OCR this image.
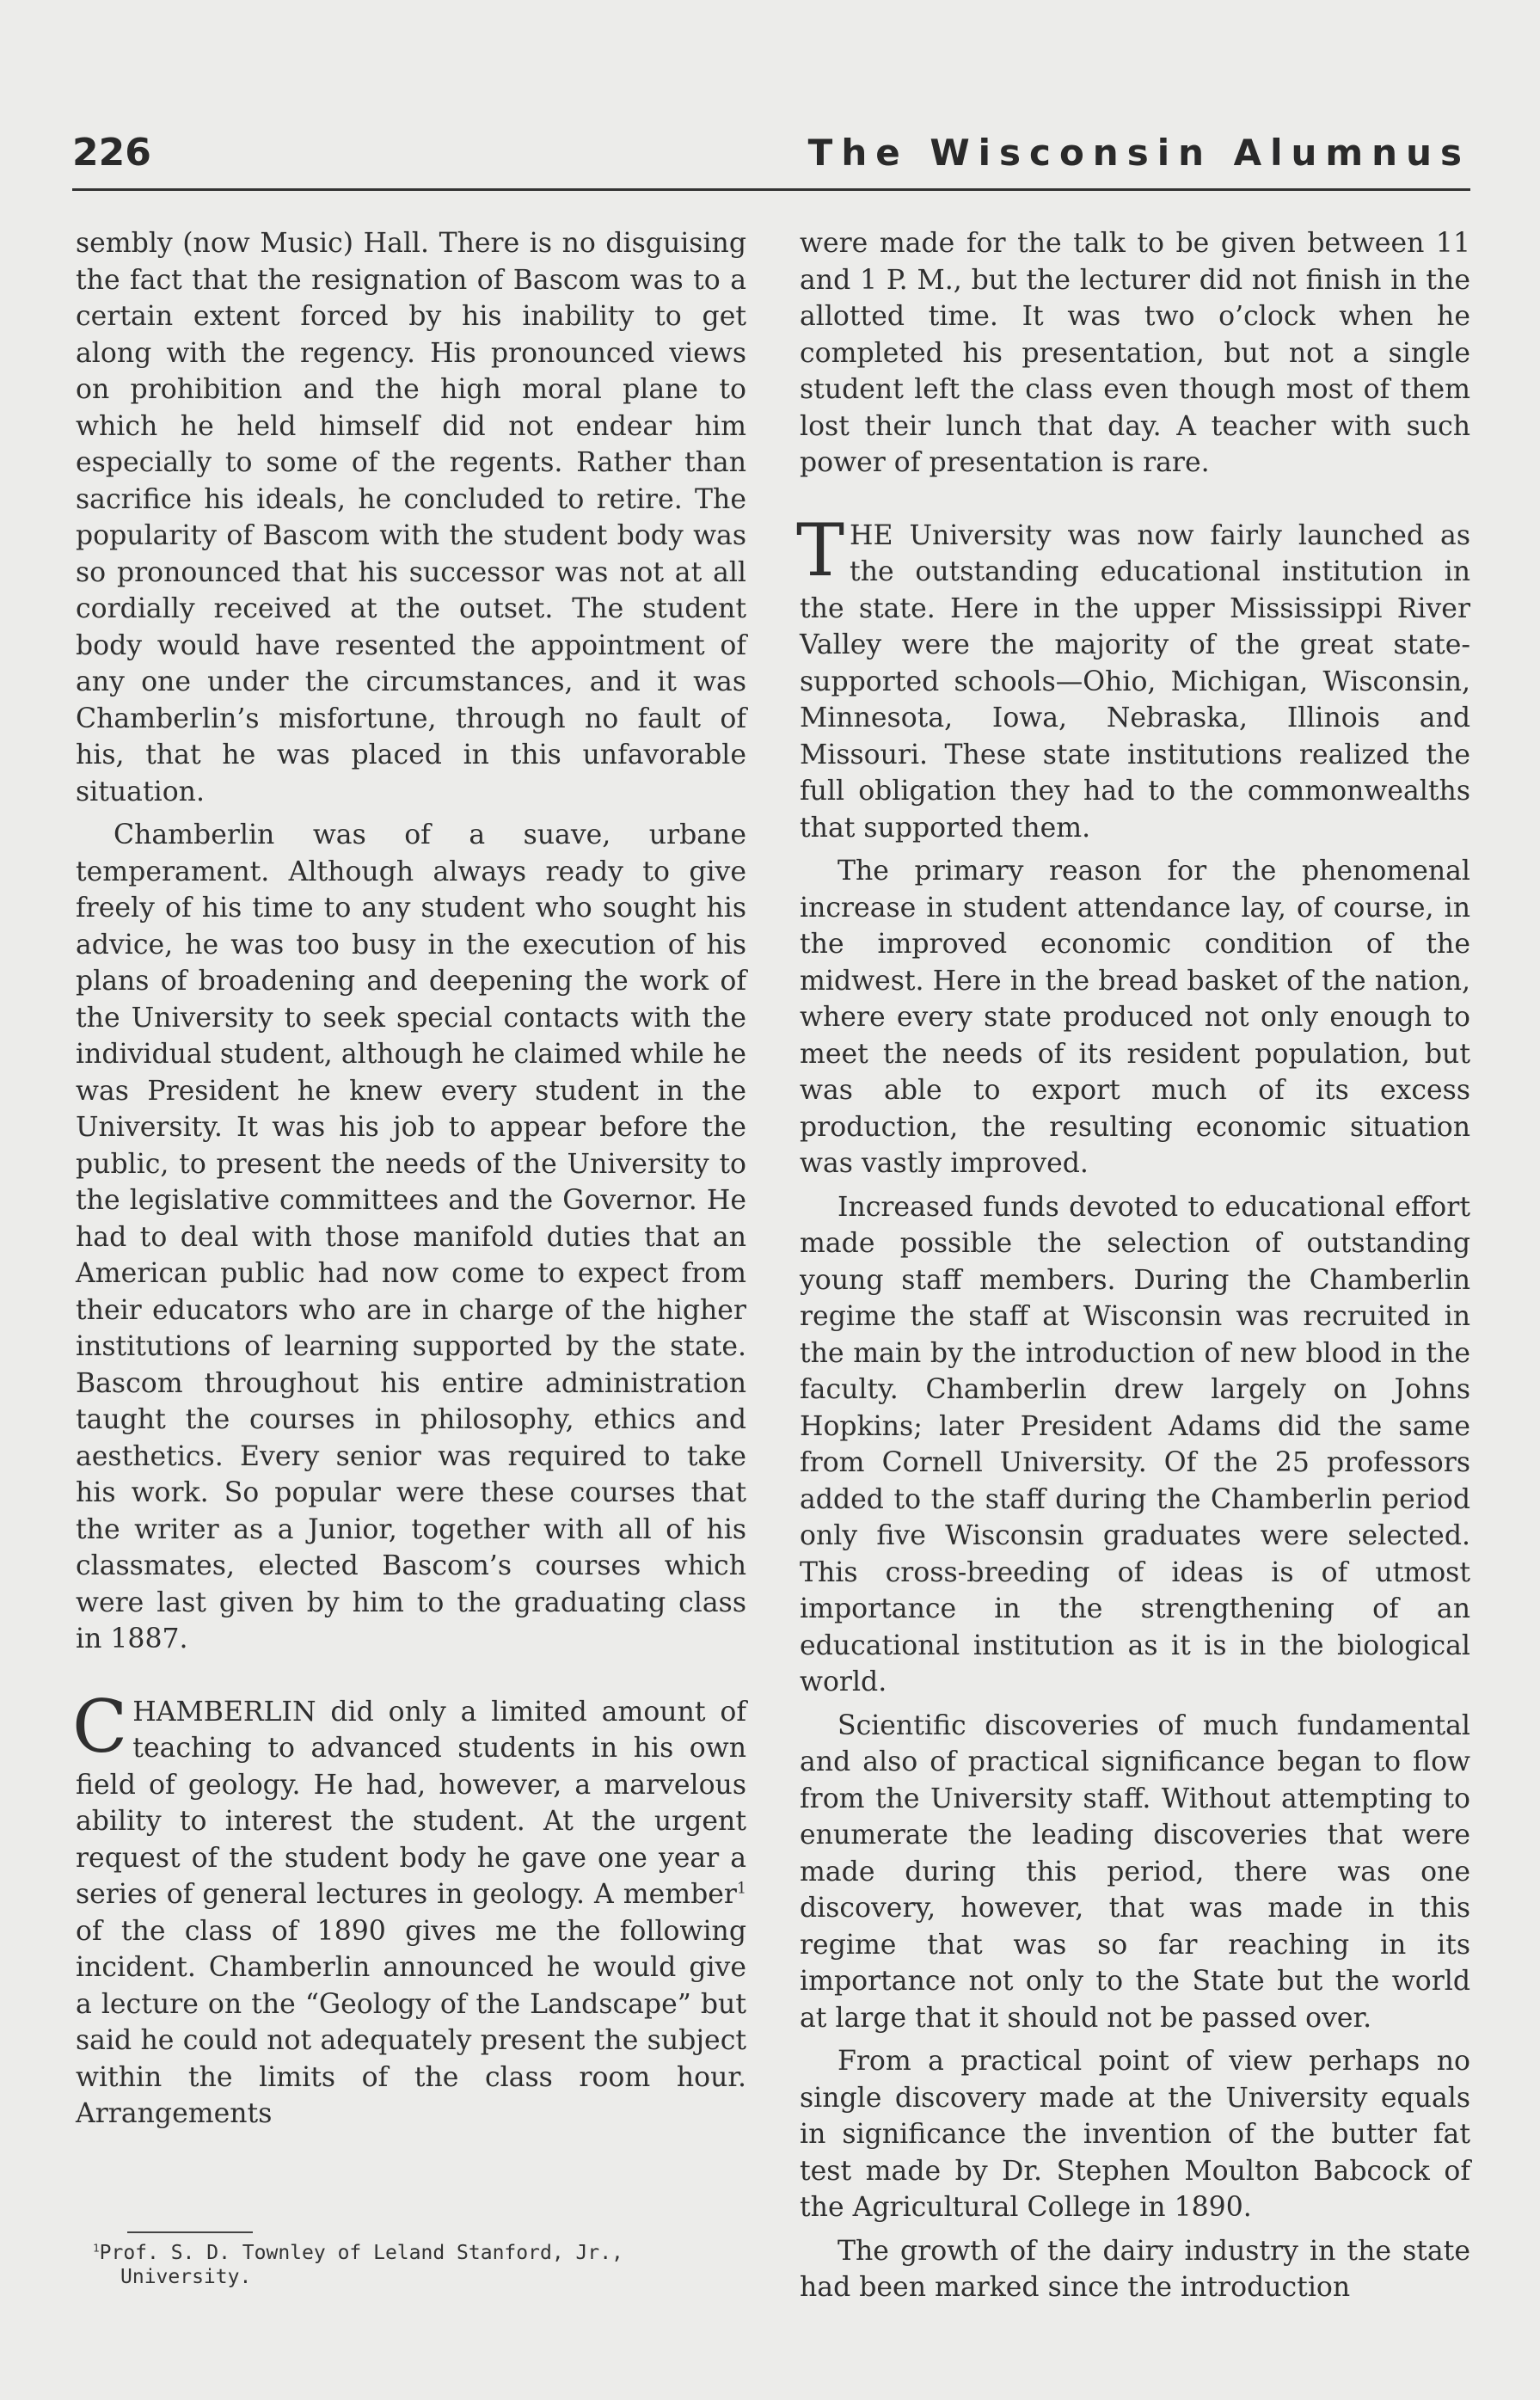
226	The Wisconsin Alumnus

sembly (now Music) Hall. There is no disguising the fact that the resignation of Bascom was to a certain extent forced by his inability to get along with the regency. His pronounced views on prohibition and the high moral plane to which he held himself did not endear him especially to some of the regents. Rather than sacrifice his ideals, he concluded to retire. The popularity of Bascom with the student body was so pronounced that his successor was not at all cordially received at the outset. The student body would have resented the appointment of any one under the circumstances, and it was Chamberlin’s misfortune, through no fault of his, that he was placed in this unfavorable situation.

Chamberlin was of a suave, urbane temperament. Although always ready to give freely of his time to any student who sought his advice, he was too busy in the execution of his plans of broadening and deepening the work of the University to seek special contacts with the individual student, although he claimed while he was President he knew every student in the University. It was his job to appear before the public, to present the needs of the University to the legislative committees and the Governor. He had to deal with those manifold duties that an American public had now come to expect from their educators who are in charge of the higher institutions of learning supported by the state. Bascom throughout his entire administration taught the courses in philosophy, ethics and aesthetics. Every senior was required to take his work. So popular were these courses that the writer as a Junior, together with all of his classmates, elected Bascom’s courses which were last given by him to the graduating class in 1887.

CHAMBERLIN did only a limited amount of teaching to advanced students in his own field of geology. He had, however, a marvelous ability to interest the student. At the urgent request of the student body he gave one year a series of general lectures in geology. A member$^1$ of the class of 1890 gives me the following incident. Chamberlin announced he would give a lecture on the “Geology of the Landscape” but said he could not adequately present the subject within the limits of the class room hour. Arrangements

were made for the talk to be given between 11 and 1 P. M., but the lecturer did not finish in the allotted time. It was two o’clock when he completed his presentation, but not a single student left the class even though most of them lost their lunch that day. A teacher with such power of presentation is rare.

THE University was now fairly launched as the outstanding educational institution in the state. Here in the upper Mississippi River Valley were the majority of the great state-supported schools—Ohio, Michigan, Wisconsin, Minnesota, Iowa, Nebraska, Illinois and Missouri. These state institutions realized the full obligation they had to the commonwealths that supported them.

The primary reason for the phenomenal increase in student attendance lay, of course, in the improved economic condition of the midwest. Here in the bread basket of the nation, where every state produced not only enough to meet the needs of its resident population, but was able to export much of its excess production, the resulting economic situation was vastly improved.

Increased funds devoted to educational effort made possible the selection of outstanding young staff members. During the Chamberlin regime the staff at Wisconsin was recruited in the main by the introduction of new blood in the faculty. Chamberlin drew largely on Johns Hopkins; later President Adams did the same from Cornell University. Of the 25 professors added to the staff during the Chamberlin period only five Wisconsin graduates were selected. This cross-breeding of ideas is of utmost importance in the strengthening of an educational institution as it is in the biological world.

Scientific discoveries of much fundamental and also of practical significance began to flow from the University staff. Without attempting to enumerate the leading discoveries that were made during this period, there was one discovery, however, that was made in this regime that was so far reaching in its importance not only to the State but the world at large that it should not be passed over.

From a practical point of view perhaps no single discovery made at the University equals in significance the invention of the butter fat test made by Dr. Stephen Moulton Babcock of the Agricultural College in 1890.

The growth of the dairy industry in the state had been marked since the introduction

$^1$Prof. S. D. Townley of Leland Stanford, Jr.,
University.
